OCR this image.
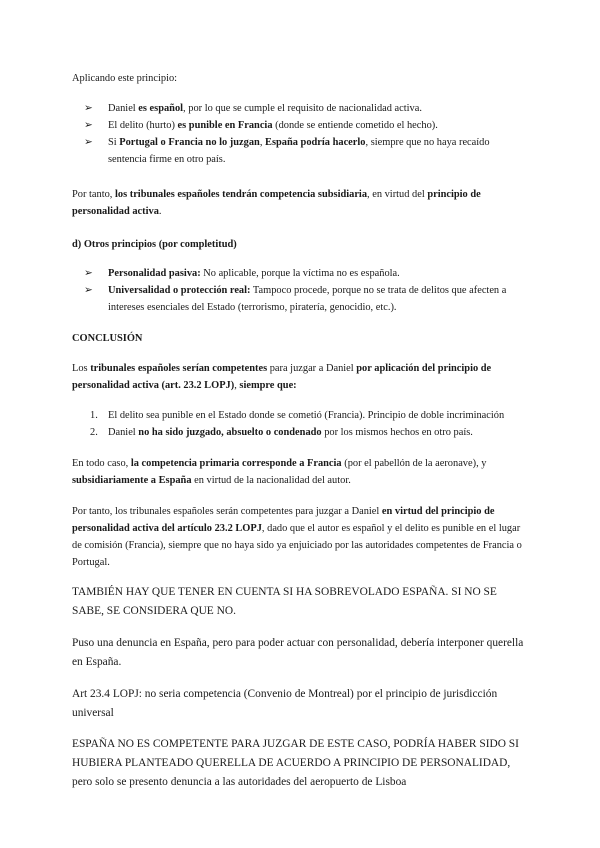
Aplicando este principio:

➢ Daniel es español, por lo que se cumple el requisito de nacionalidad activa.
➢ El delito (hurto) es punible en Francia (donde se entiende cometido el hecho).
➢ Si Portugal o Francia no lo juzgan, España podría hacerlo, siempre que no haya recaído sentencia firme en otro país.

Por tanto, los tribunales españoles tendrán competencia subsidiaria, en virtud del principio de personalidad activa.

d) Otros principios (por completitud)

➢ Personalidad pasiva: No aplicable, porque la víctima no es española.
➢ Universalidad o protección real: Tampoco procede, porque no se trata de delitos que afecten a intereses esenciales del Estado (terrorismo, piratería, genocidio, etc.).

CONCLUSIÓN

Los tribunales españoles serían competentes para juzgar a Daniel por aplicación del principio de personalidad activa (art. 23.2 LOPJ), siempre que:

1. El delito sea punible en el Estado donde se cometió (Francia). Principio de doble incriminación
2. Daniel no ha sido juzgado, absuelto o condenado por los mismos hechos en otro país.

En todo caso, la competencia primaria corresponde a Francia (por el pabellón de la aeronave), y subsidiariamente a España en virtud de la nacionalidad del autor.

Por tanto, los tribunales españoles serán competentes para juzgar a Daniel en virtud del principio de personalidad activa del artículo 23.2 LOPJ, dado que el autor es español y el delito es punible en el lugar de comisión (Francia), siempre que no haya sido ya enjuiciado por las autoridades competentes de Francia o Portugal.

TAMBIÉN HAY QUE TENER EN CUENTA SI HA SOBREVOLADO ESPAÑA. SI NO SE SABE, SE CONSIDERA QUE NO.

Puso una denuncia en España, pero para poder actuar con personalidad, debería interponer querella en España.

Art 23.4 LOPJ: no seria competencia (Convenio de Montreal) por el principio de jurisdicción universal

ESPAÑA NO ES COMPETENTE PARA JUZGAR DE ESTE CASO, PODRÍA HABER SIDO SI HUBIERA PLANTEADO QUERELLA DE ACUERDO A PRINCIPIO DE PERSONALIDAD, pero solo se presento denuncia a las autoridades del aeropuerto de Lisboa
